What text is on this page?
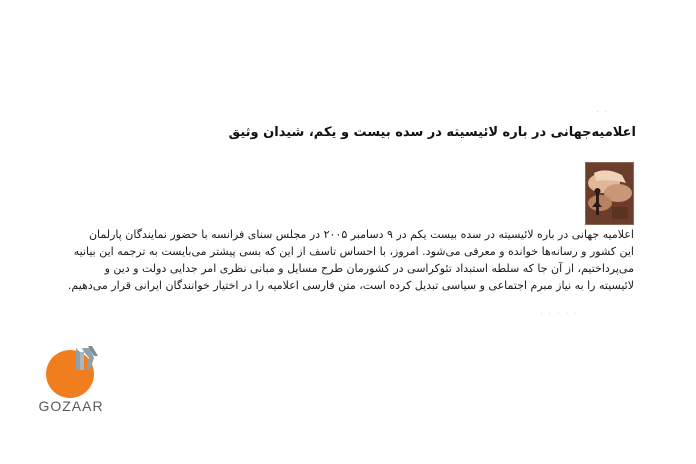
· ·
اعلامیه‌جهانی در باره لائیسیته در سده بیست و یکم، شیدان وثیق
اعلامیه جهانی در باره لائیسیته در سده بیست یکم در ۹ دسامبر ۲۰۰۵ در مجلس سنای فرانسه با حضور نمایندگان پارلمان
این کشور و رسانه‌ها خوانده و معرفی می‌شود. امروز، با احساس تاسف از این که بسی پیشتر می‌بایست به ترجمه این بیانیه
می‌پرداختیم، از آن جا که سلطه استبداد تئوکراسی در کشورمان طرح مسایل و مبانی نظری امر جدایی دولت و دین و
لائیسیته را به نیاز مبرم اجتماعی و سیاسی تبدیل کرده است، متن فارسی اعلامیه را در اختیار خوانندگان ایرانی قرار می‌دهیم.
· · · · ·
GOZAAR
